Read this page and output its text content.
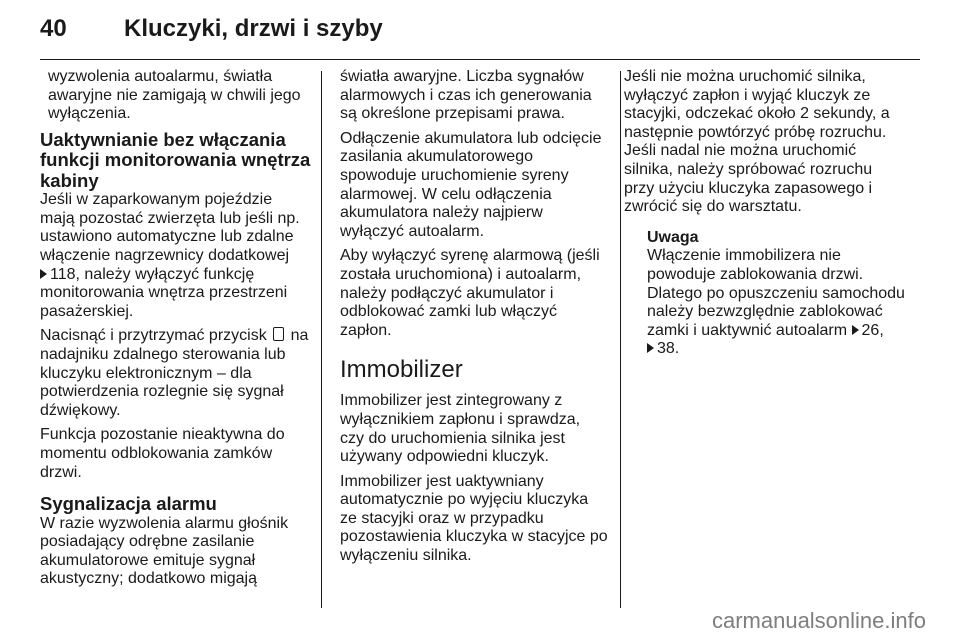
40 Kluczyki, drzwi i szyby

wyzwolenia autoalarmu, światła
awaryjne nie zamigają w chwili jego
wyłączenia.

Uaktywnianie bez włączania
funkcji monitorowania wnętrza
kabiny

Jeśli w zaparkowanym pojeździe
mają pozostać zwierzęta lub jeśli np.
ustawiono automatyczne lub zdalne
włączenie nagrzewnicy dodatkowej
118, należy wyłączyć funkcję
monitorowania wnętrza przestrzeni
pasażerskiej.

Nacisnąć i przytrzymać przycisk  na
nadajniku zdalnego sterowania lub
kluczyku elektronicznym – dla
potwierdzenia rozlegnie się sygnał
dźwiękowy.

Funkcja pozostanie nieaktywna do
momentu odblokowania zamków
drzwi.

Sygnalizacja alarmu

W razie wyzwolenia alarmu głośnik
posiadający odrębne zasilanie
akumulatorowe emituje sygnał
akustyczny; dodatkowo migają

światła awaryjne. Liczba sygnałów
alarmowych i czas ich generowania
są określone przepisami prawa.

Odłączenie akumulatora lub odcięcie
zasilania akumulatorowego
spowoduje uruchomienie syreny
alarmowej. W celu odłączenia
akumulatora należy najpierw
wyłączyć autoalarm.

Aby wyłączyć syrenę alarmową (jeśli
została uruchomiona) i autoalarm,
należy podłączyć akumulator i
odblokować zamki lub włączyć
zapłon.

Immobilizer

Immobilizer jest zintegrowany z
wyłącznikiem zapłonu i sprawdza,
czy do uruchomienia silnika jest
używany odpowiedni kluczyk.

Immobilizer jest uaktywniany
automatycznie po wyjęciu kluczyka
ze stacyjki oraz w przypadku
pozostawienia kluczyka w stacyjce po
wyłączeniu silnika.

Jeśli nie można uruchomić silnika,
wyłączyć zapłon i wyjąć kluczyk ze
stacyjki, odczekać około 2 sekundy, a
następnie powtórzyć próbę rozruchu.
Jeśli nadal nie można uruchomić
silnika, należy spróbować rozruchu
przy użyciu kluczyka zapasowego i
zwrócić się do warsztatu.

Uwaga

Włączenie immobilizera nie
powoduje zablokowania drzwi.
Dlatego po opuszczeniu samochodu
należy bezwzględnie zablokować
zamki i uaktywnić autoalarm 26,
38.

carmanualsonline.info
